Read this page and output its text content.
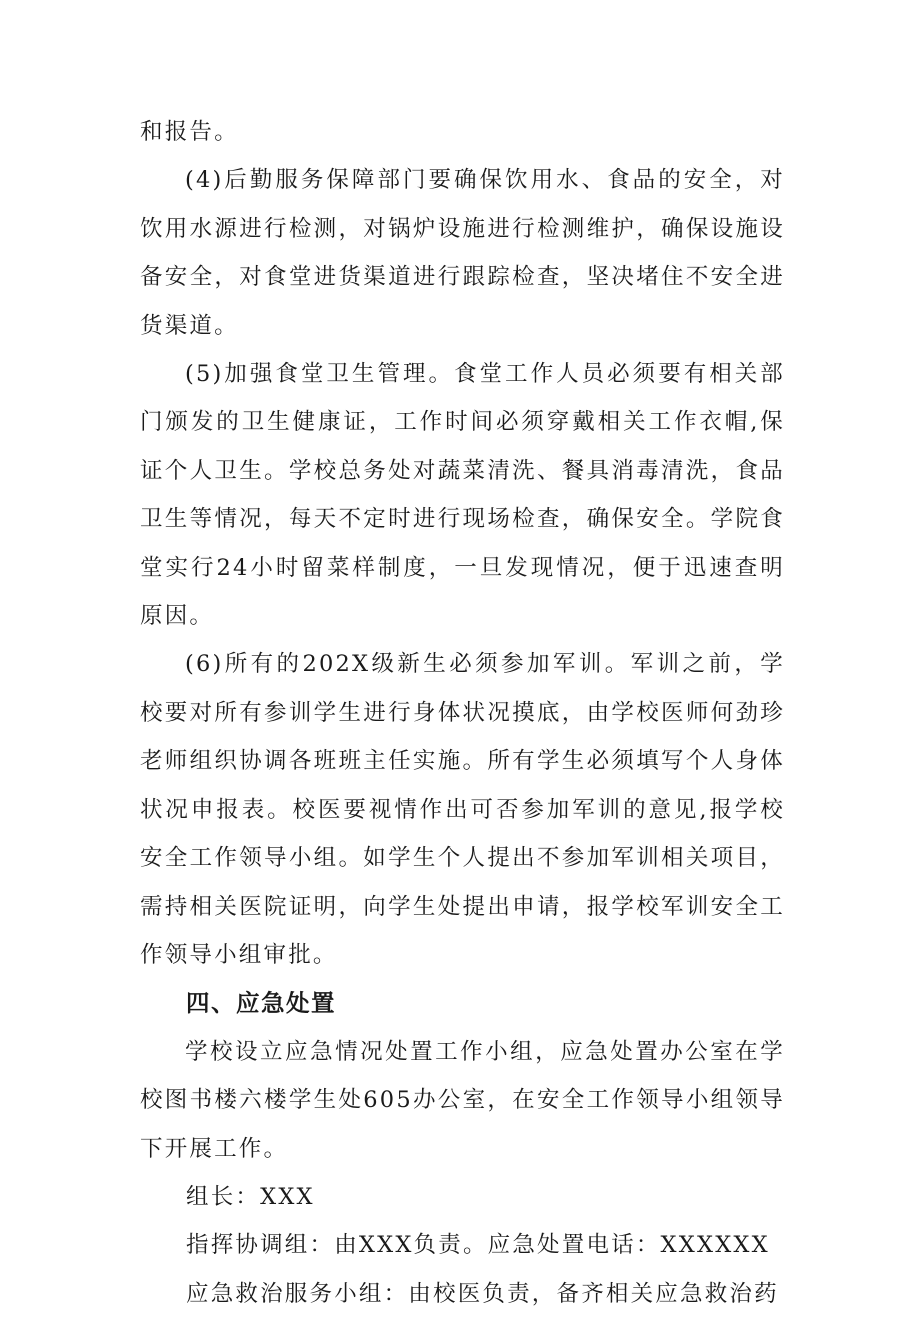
和报告。

(4)后勤服务保障部门要确保饮用水、食品的安全，对饮用水源进行检测，对锅炉设施进行检测维护，确保设施设备安全，对食堂进货渠道进行跟踪检查，坚决堵住不安全进货渠道。

(5)加强食堂卫生管理。食堂工作人员必须要有相关部门颁发的卫生健康证，工作时间必须穿戴相关工作衣帽,保证个人卫生。学校总务处对蔬菜清洗、餐具消毒清洗，食品卫生等情况，每天不定时进行现场检查，确保安全。学院食堂实行24小时留菜样制度，一旦发现情况，便于迅速查明原因。

(6)所有的202X级新生必须参加军训。军训之前，学校要对所有参训学生进行身体状况摸底，由学校医师何劲珍老师组织协调各班班主任实施。所有学生必须填写个人身体状况申报表。校医要视情作出可否参加军训的意见,报学校安全工作领导小组。如学生个人提出不参加军训相关项目，需持相关医院证明，向学生处提出申请，报学校军训安全工作领导小组审批。

四、应急处置

学校设立应急情况处置工作小组，应急处置办公室在学校图书楼六楼学生处605办公室，在安全工作领导小组领导下开展工作。

组长：XXX

指挥协调组：由XXX负责。应急处置电话：XXXXXX

应急救治服务小组：由校医负责，备齐相关应急救治药
